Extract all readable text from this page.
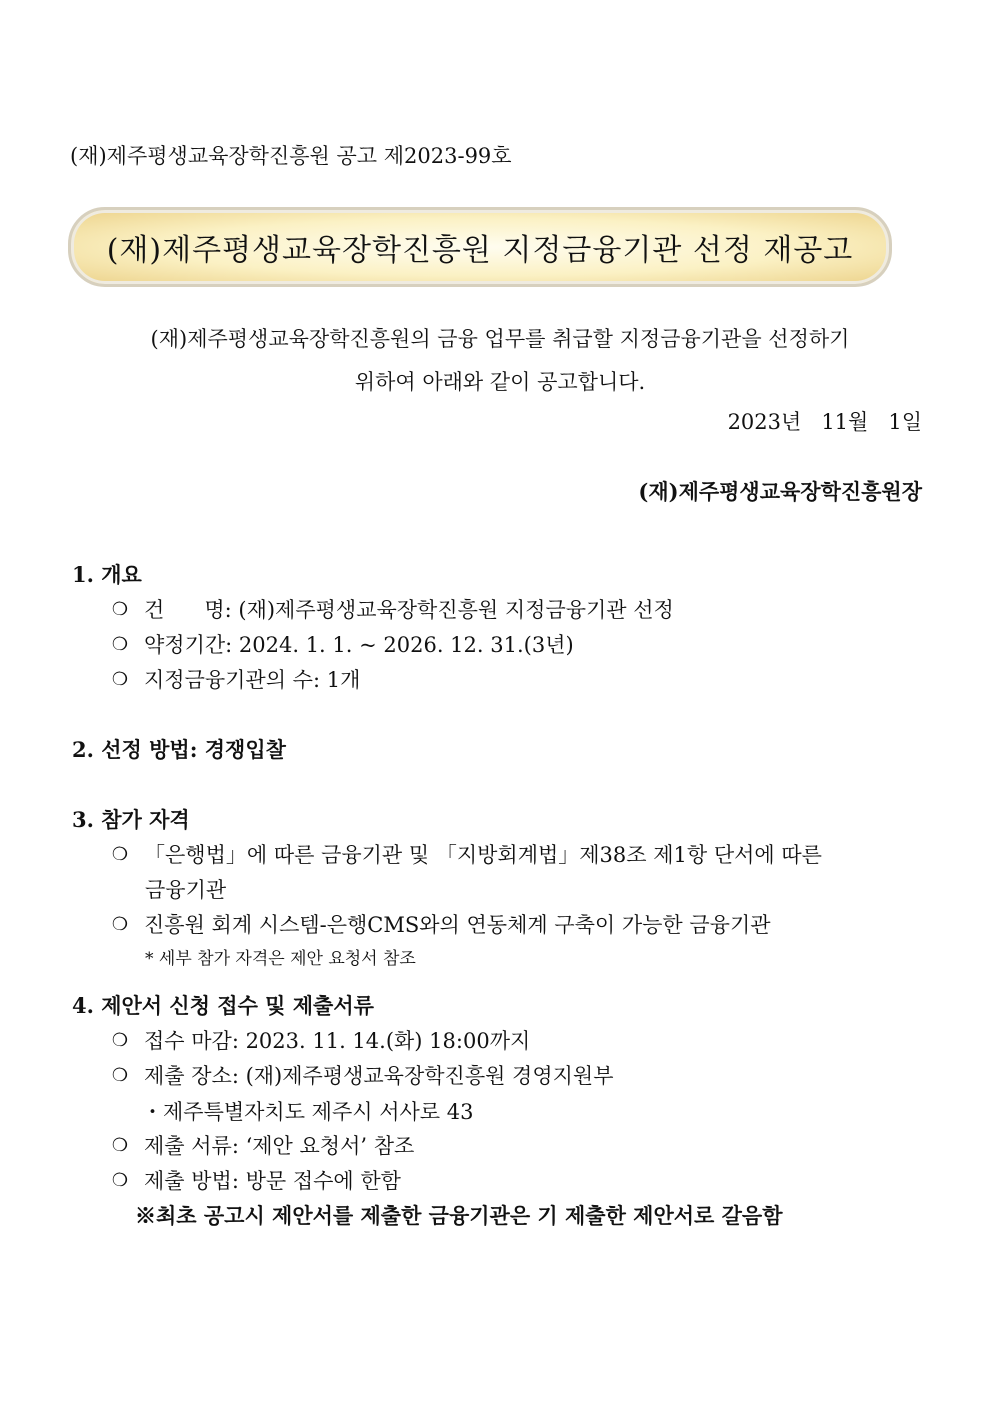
(재)제주평생교육장학진흥원 공고 제2023-99호
(재)제주평생교육장학진흥원 지정금융기관 선정 재공고
(재)제주평생교육장학진흥원의 금융 업무를 취급할 지정금융기관을 선정하기
위하여 아래와 같이 공고합니다.
2023년   11월   1일
(재)제주평생교육장학진흥원장
1. 개요
❍ 건      명: (재)제주평생교육장학진흥원 지정금융기관 선정
❍ 약정기간: 2024. 1. 1. ~ 2026. 12. 31.(3년)
❍ 지정금융기관의 수: 1개
2. 선정 방법: 경쟁입찰
3. 참가 자격
❍ 「은행법」에 따른 금융기관 및 「지방회계법」제38조 제1항 단서에 따른
금융기관
❍ 진흥원 회계 시스템-은행CMS와의 연동체계 구축이 가능한 금융기관
* 세부 참가 자격은 제안 요청서 참조
4. 제안서 신청 접수 및 제출서류
❍ 접수 마감: 2023. 11. 14.(화) 18:00까지
❍ 제출 장소: (재)제주평생교육장학진흥원 경영지원부
・제주특별자치도 제주시 서사로 43
❍ 제출 서류: ‘제안 요청서’ 참조
❍ 제출 방법: 방문 접수에 한함
※최초 공고시 제안서를 제출한 금융기관은 기 제출한 제안서로 갈음함
